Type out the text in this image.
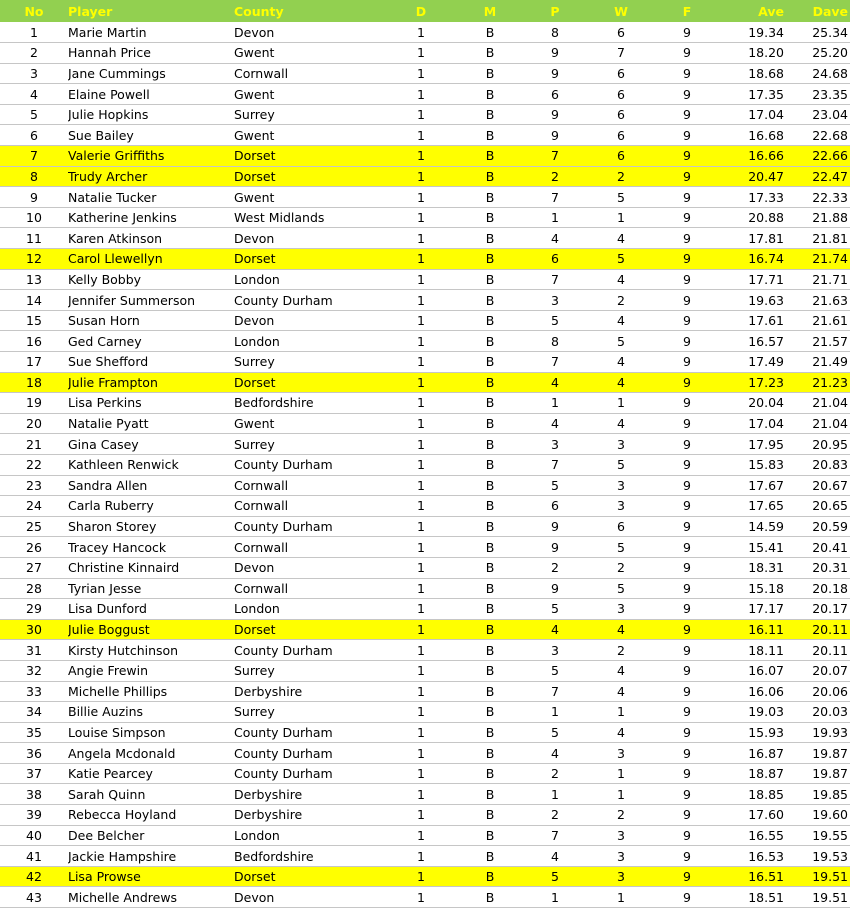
No	Player	County	D	M	P	W	F	Ave	Dave
1	Marie Martin	Devon	1	B	8	6	9	19.34	25.34
2	Hannah Price	Gwent	1	B	9	7	9	18.20	25.20
3	Jane Cummings	Cornwall	1	B	9	6	9	18.68	24.68
4	Elaine Powell	Gwent	1	B	6	6	9	17.35	23.35
5	Julie Hopkins	Surrey	1	B	9	6	9	17.04	23.04
6	Sue Bailey	Gwent	1	B	9	6	9	16.68	22.68
7	Valerie Griffiths	Dorset	1	B	7	6	9	16.66	22.66
8	Trudy Archer	Dorset	1	B	2	2	9	20.47	22.47
9	Natalie Tucker	Gwent	1	B	7	5	9	17.33	22.33
10	Katherine Jenkins	West Midlands	1	B	1	1	9	20.88	21.88
11	Karen Atkinson	Devon	1	B	4	4	9	17.81	21.81
12	Carol Llewellyn	Dorset	1	B	6	5	9	16.74	21.74
13	Kelly Bobby	London	1	B	7	4	9	17.71	21.71
14	Jennifer Summerson	County Durham	1	B	3	2	9	19.63	21.63
15	Susan Horn	Devon	1	B	5	4	9	17.61	21.61
16	Ged Carney	London	1	B	8	5	9	16.57	21.57
17	Sue Shefford	Surrey	1	B	7	4	9	17.49	21.49
18	Julie Frampton	Dorset	1	B	4	4	9	17.23	21.23
19	Lisa Perkins	Bedfordshire	1	B	1	1	9	20.04	21.04
20	Natalie Pyatt	Gwent	1	B	4	4	9	17.04	21.04
21	Gina Casey	Surrey	1	B	3	3	9	17.95	20.95
22	Kathleen Renwick	County Durham	1	B	7	5	9	15.83	20.83
23	Sandra Allen	Cornwall	1	B	5	3	9	17.67	20.67
24	Carla Ruberry	Cornwall	1	B	6	3	9	17.65	20.65
25	Sharon Storey	County Durham	1	B	9	6	9	14.59	20.59
26	Tracey Hancock	Cornwall	1	B	9	5	9	15.41	20.41
27	Christine Kinnaird	Devon	1	B	2	2	9	18.31	20.31
28	Tyrian Jesse	Cornwall	1	B	9	5	9	15.18	20.18
29	Lisa Dunford	London	1	B	5	3	9	17.17	20.17
30	Julie Boggust	Dorset	1	B	4	4	9	16.11	20.11
31	Kirsty Hutchinson	County Durham	1	B	3	2	9	18.11	20.11
32	Angie Frewin	Surrey	1	B	5	4	9	16.07	20.07
33	Michelle Phillips	Derbyshire	1	B	7	4	9	16.06	20.06
34	Billie Auzins	Surrey	1	B	1	1	9	19.03	20.03
35	Louise Simpson	County Durham	1	B	5	4	9	15.93	19.93
36	Angela Mcdonald	County Durham	1	B	4	3	9	16.87	19.87
37	Katie Pearcey	County Durham	1	B	2	1	9	18.87	19.87
38	Sarah Quinn	Derbyshire	1	B	1	1	9	18.85	19.85
39	Rebecca Hoyland	Derbyshire	1	B	2	2	9	17.60	19.60
40	Dee Belcher	London	1	B	7	3	9	16.55	19.55
41	Jackie Hampshire	Bedfordshire	1	B	4	3	9	16.53	19.53
42	Lisa Prowse	Dorset	1	B	5	3	9	16.51	19.51
43	Michelle Andrews	Devon	1	B	1	1	9	18.51	19.51
